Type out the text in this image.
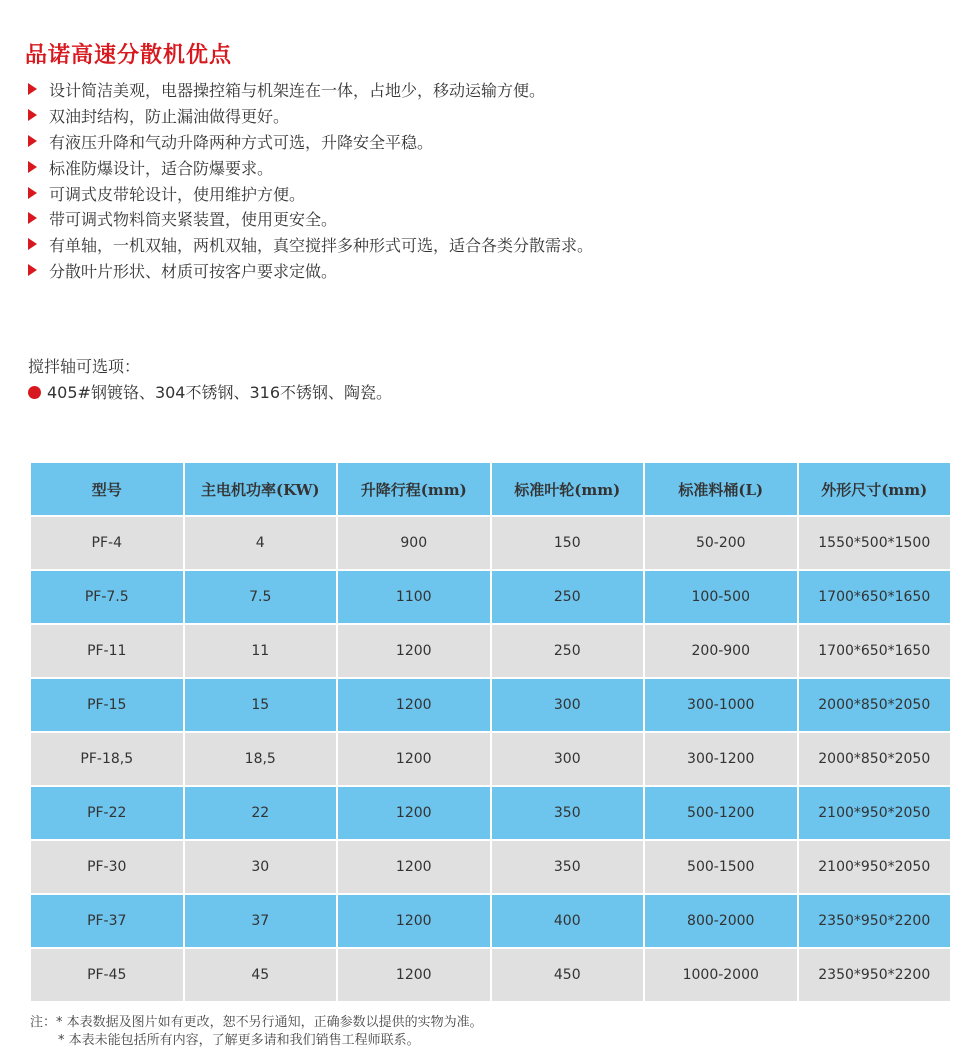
品诺高速分散机优点
设计简洁美观，电器操控箱与机架连在一体，占地少，移动运输方便。
双油封结构，防止漏油做得更好。
有液压升降和气动升降两种方式可选，升降安全平稳。
标准防爆设计，适合防爆要求。
可调式皮带轮设计，使用维护方便。
带可调式物料筒夹紧装置，使用更安全。
有单轴，一机双轴，两机双轴，真空搅拌多种形式可选，适合各类分散需求。
分散叶片形状、材质可按客户要求定做。
搅拌轴可选项：
405#钢镀铬、304不锈钢、316不锈钢、陶瓷。
型号	主电机功率(KW)	升降行程(mm)	标准叶轮(mm)	标准料桶(L)	外形尺寸(mm)
PF-4	4	900	150	50-200	1550*500*1500
PF-7.5	7.5	1100	250	100-500	1700*650*1650
PF-11	11	1200	250	200-900	1700*650*1650
PF-15	15	1200	300	300-1000	2000*850*2050
PF-18,5	18,5	1200	300	300-1200	2000*850*2050
PF-22	22	1200	350	500-1200	2100*950*2050
PF-30	30	1200	350	500-1500	2100*950*2050
PF-37	37	1200	400	800-2000	2350*950*2200
PF-45	45	1200	450	1000-2000	2350*950*2200
注：* 本表数据及图片如有更改，恕不另行通知，正确参数以提供的实物为准。
* 本表未能包括所有内容，了解更多请和我们销售工程师联系。
